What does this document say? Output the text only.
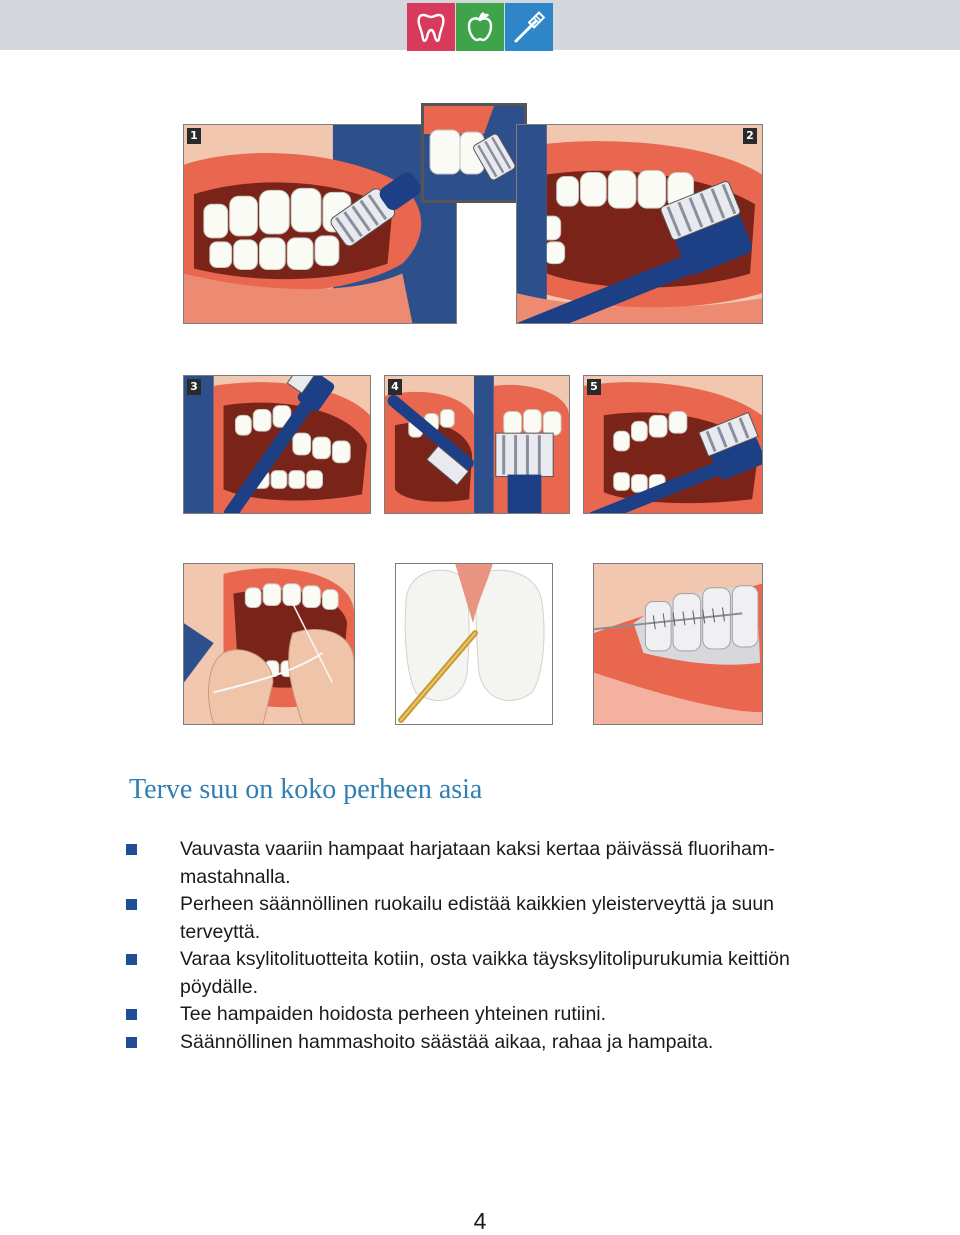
1	2
3	4	5
Terve suu on koko perheen asia
Vauvasta vaariin hampaat harjataan kaksi kertaa päivässä fluoriham-mastahnalla.
Perheen säännöllinen ruokailu edistää kaikkien yleisterveyttä ja suun terveyttä.
Varaa ksylitolituotteita kotiin, osta vaikka täysksylitolipurukumia keittiön pöydälle.
Tee hampaiden hoidosta perheen yhteinen rutiini.
Säännöllinen hammashoito säästää aikaa, rahaa ja hampaita.
4
